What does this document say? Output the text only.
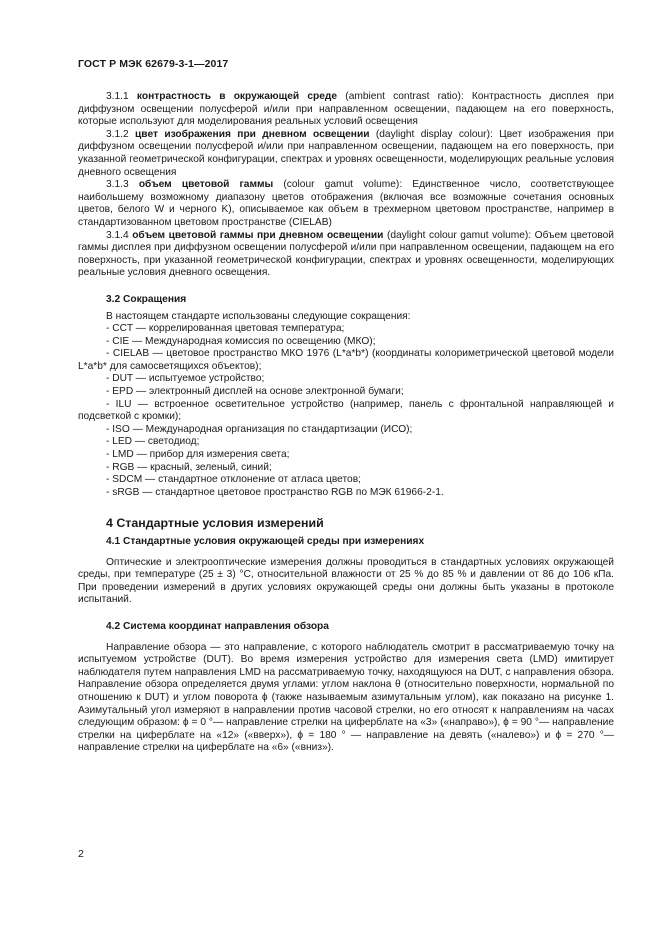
ГОСТ Р МЭК 62679-3-1—2017

3.1.1 контрастность в окружающей среде (ambient contrast ratio): Контрастность дисплея при диффузном освещении полусферой и/или при направленном освещении, падающем на его поверхность, которые используют для моделирования реальных условий освещения

3.1.2 цвет изображения при дневном освещении (daylight display colour): Цвет изображения при диффузном освещении полусферой и/или при направленном освещении, падающем на его поверхность, при указанной геометрической конфигурации, спектрах и уровнях освещенности, моделирующих реальные условия дневного освещения

3.1.3 объем цветовой гаммы (colour gamut volume): Единственное число, соответствующее наибольшему возможному диапазону цветов отображения (включая все возможные сочетания основных цветов, белого W и черного K), описываемое как объем в трехмерном цветовом пространстве, например в стандартизованном цветовом пространстве (CIELAB)

3.1.4 объем цветовой гаммы при дневном освещении (daylight colour gamut volume): Объем цветовой гаммы дисплея при диффузном освещении полусферой и/или при направленном освещении, падающем на его поверхность, при указанной геометрической конфигурации, спектрах и уровнях освещенности, моделирующих реальные условия дневного освещения.

3.2 Сокращения

В настоящем стандарте использованы следующие сокращения:

- CCT — коррелированная цветовая температура;
- CIE — Международная комиссия по освещению (МКО);
- CIELAB — цветовое пространство МКО 1976 (L*a*b*) (координаты колориметрической цветовой модели L*a*b* для самосветящихся объектов);
- DUT — испытуемое устройство;
- EPD — электронный дисплей на основе электронной бумаги;
- ILU — встроенное осветительное устройство (например, панель с фронтальной направляющей и подсветкой с кромки);
- ISO — Международная организация по стандартизации (ИСО);
- LED — светодиод;
- LMD — прибор для измерения света;
- RGB — красный, зеленый, синий;
- SDCM — стандартное отклонение от атласа цветов;
- sRGB — стандартное цветовое пространство RGB по МЭК 61966-2-1.
4 Стандартные условия измерений
4.1 Стандартные условия окружающей среды при измерениях

Оптические и электрооптические измерения должны проводиться в стандартных условиях окружающей среды, при температуре (25 ± 3) °С, относительной влажности от 25 % до 85 % и давлении от 86 до 106 кПа. При проведении измерений в других условиях окружающей среды они должны быть указаны в протоколе испытаний.

4.2 Система координат направления обзора

Направление обзора — это направление, с которого наблюдатель смотрит в рассматриваемую точку на испытуемом устройстве (DUT). Во время измерения устройство для измерения света (LMD) имитирует наблюдателя путем направления LMD на рассматриваемую точку, находящуюся на DUT, с направления обзора. Направление обзора определяется двумя углами: углом наклона θ (относительно поверхности, нормальной по отношению к DUT) и углом поворота ϕ (также называемым азимутальным углом), как показано на рисунке 1. Азимутальный угол измеряют в направлении против часовой стрелки, но его относят к направлениям на часах следующим образом: ϕ = 0 °— направление стрелки на циферблате на «3» («направо»), ϕ = 90 °— направление стрелки на циферблате на «12» («вверх»), ϕ = 180 ° — направление на девять («налево») и ϕ = 270 °— направление стрелки на циферблате на «6» («вниз»).

2
